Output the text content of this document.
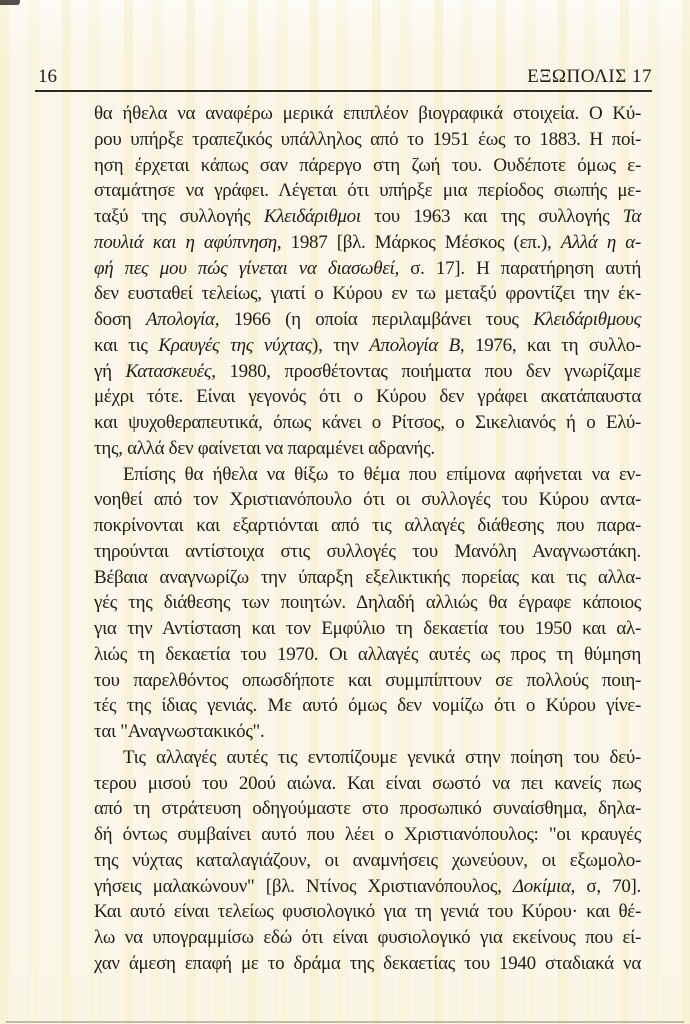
16	ΕΞΩΠΟΛΙΣ 17
θα ήθελα να αναφέρω μερικά επιπλέον βιογραφικά στοιχεία. Ο Κύ-
ρου υπήρξε τραπεζικός υπάλληλος από το 1951 έως το 1883. Η ποί-
ηση έρχεται κάπως σαν πάρεργο στη ζωή του. Ουδέποτε όμως ε-
σταμάτησε να γράφει. Λέγεται ότι υπήρξε μια περίοδος σιωπής με-
ταξύ της συλλογής Κλειδάριθμοι του 1963 και της συλλογής Τα
πουλιά και η αφύπνηση, 1987 [βλ. Μάρκος Μέσκος (επ.), Αλλά η α-
φή πες μου πώς γίνεται να διασωθεί, σ. 17]. Η παρατήρηση αυτή
δεν ευσταθεί τελείως, γιατί ο Κύρου εν τω μεταξύ φροντίζει την έκ-
δοση Απολογία, 1966 (η οποία περιλαμβάνει τους Κλειδάριθμους
και τις Κραυγές της νύχτας), την Απολογία Β, 1976, και τη συλλο-
γή Κατασκευές, 1980, προσθέτοντας ποιήματα που δεν γνωρίζαμε
μέχρι τότε. Είναι γεγονός ότι ο Κύρου δεν γράφει ακατάπαυστα
και ψυχοθεραπευτικά, όπως κάνει ο Ρίτσος, ο Σικελιανός ή ο Ελύ-
της, αλλά δεν φαίνεται να παραμένει αδρανής.
Επίσης θα ήθελα να θίξω το θέμα που επίμονα αφήνεται να εν-
νοηθεί από τον Χριστιανόπουλο ότι οι συλλογές του Κύρου αντα-
ποκρίνονται και εξαρτιόνται από τις αλλαγές διάθεσης που παρα-
τηρούνται αντίστοιχα στις συλλογές του Μανόλη Αναγνωστάκη.
Βέβαια αναγνωρίζω την ύπαρξη εξελικτικής πορείας και τις αλλα-
γές της διάθεσης των ποιητών. Δηλαδή αλλιώς θα έγραφε κάποιος
για την Αντίσταση και τον Εμφύλιο τη δεκαετία του 1950 και αλ-
λιώς τη δεκαετία του 1970. Οι αλλαγές αυτές ως προς τη θύμηση
του παρελθόντος οπωσδήποτε και συμμπίπτουν σε πολλούς ποιη-
τές της ίδιας γενιάς. Με αυτό όμως δεν νομίζω ότι ο Κύρου γίνε-
ται "Αναγνωστακικός".
Τις αλλαγές αυτές τις εντοπίζουμε γενικά στην ποίηση του δεύ-
τερου μισού του 20ού αιώνα. Και είναι σωστό να πει κανείς πως
από τη στράτευση οδηγούμαστε στο προσωπικό συναίσθημα, δηλα-
δή όντως συμβαίνει αυτό που λέει ο Χριστιανόπουλος: "οι κραυγές
της νύχτας καταλαγιάζουν, οι αναμνήσεις χωνεύουν, οι εξωμολο-
γήσεις μαλακώνουν" [βλ. Ντίνος Χριστιανόπουλος, Δοκίμια, σ, 70].
Και αυτό είναι τελείως φυσιολογικό για τη γενιά του Κύρου· και θέ-
λω να υπογραμμίσω εδώ ότι είναι φυσιολογικό για εκείνους που εί-
χαν άμεση επαφή με το δράμα της δεκαετίας του 1940 σταδιακά να
